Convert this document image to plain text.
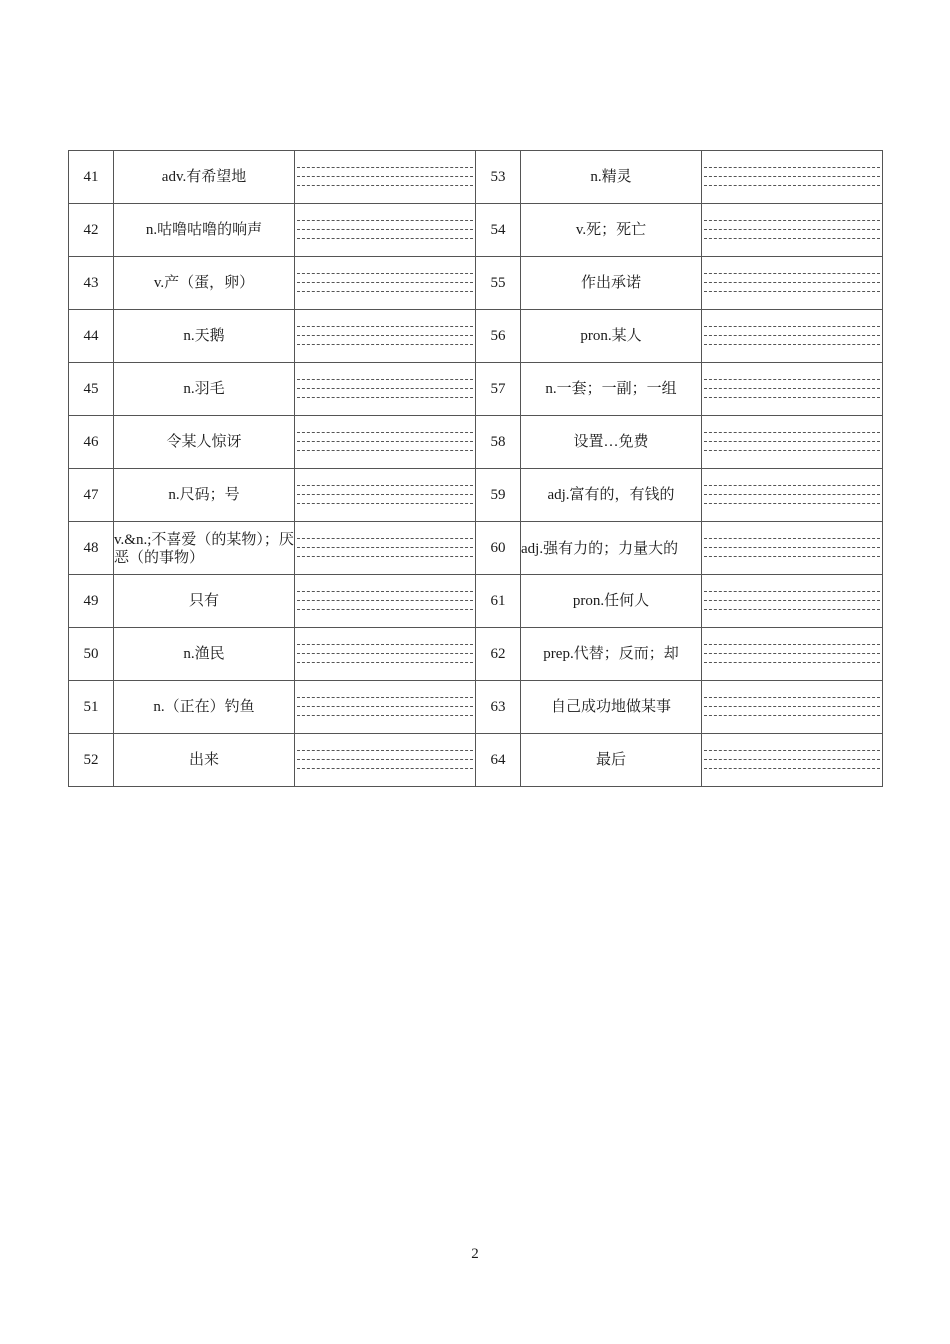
41	adv.有希望地		53	n.精灵	

42	n.咕噜咕噜的响声		54	v.死；死亡	

43	v.产（蛋，卵）		55	作出承诺	

44	n.天鹅		56	pron.某人	

45	n.羽毛		57	n.一套；一副；一组	

46	令某人惊讶		58	设置…免费	

47	n.尺码；号		59	adj.富有的，有钱的	

48	v.&n.;不喜爱（的某物）；厌恶（的事物）		60	adj.强有力的；力量大的	

49	只有		61	pron.任何人	

50	n.渔民		62	prep.代替；反而；却	

51	n.（正在）钓鱼		63	自己成功地做某事	

52	出来		64	最后	
2
